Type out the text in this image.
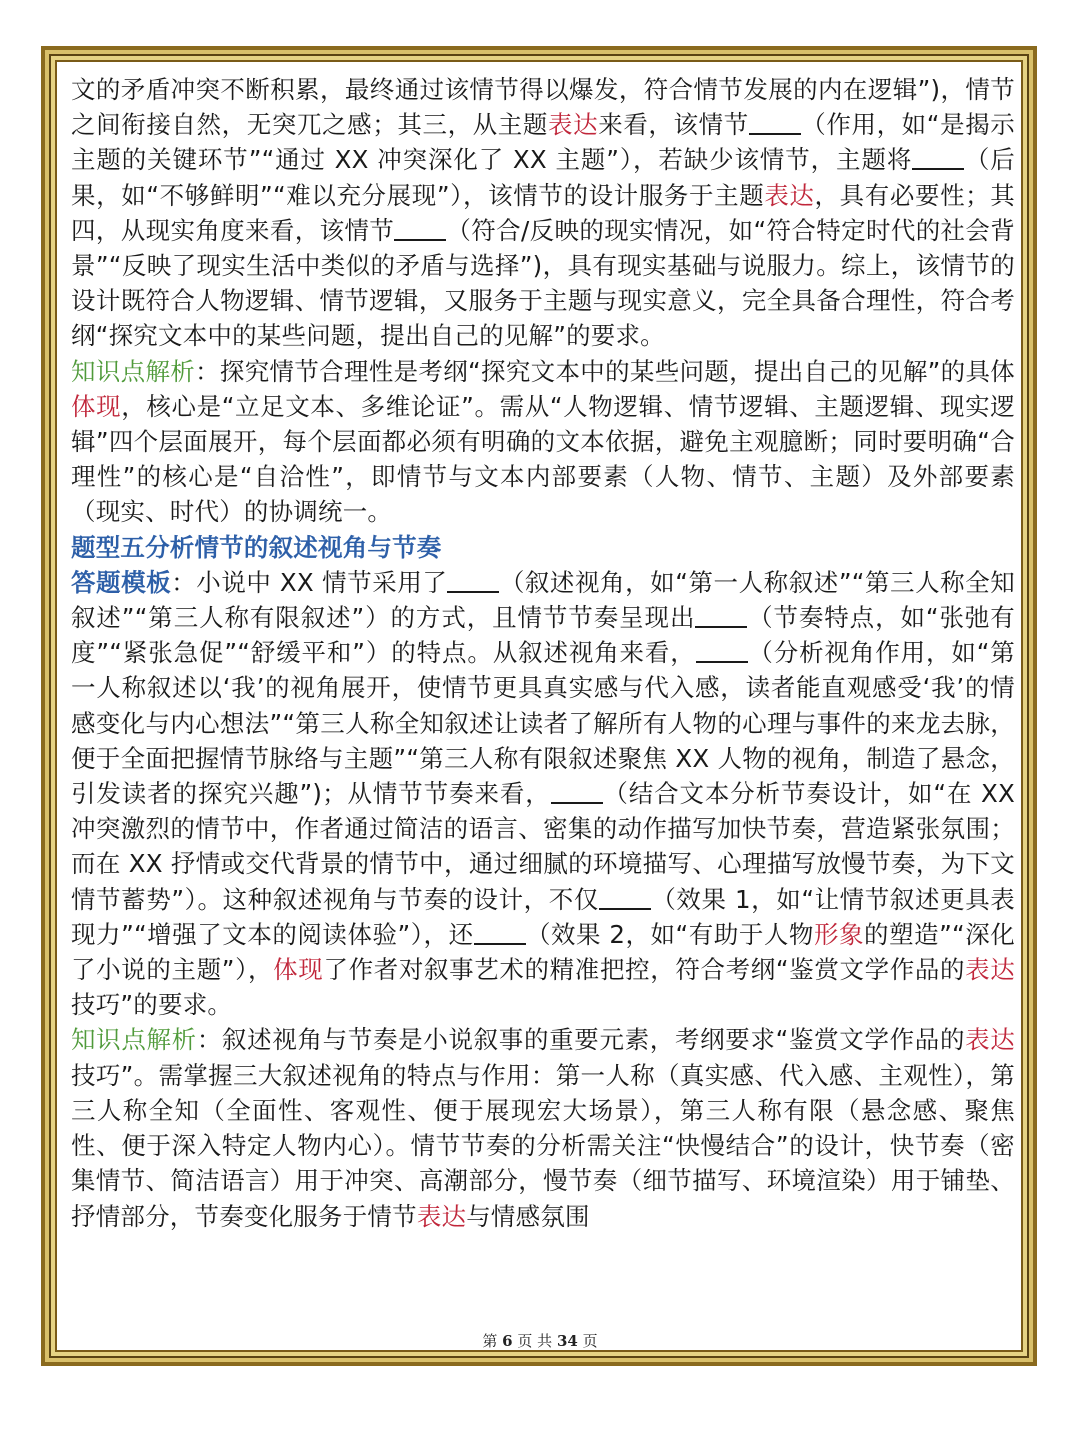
文的矛盾冲突不断积累，最终通过该情节得以爆发，符合情节发展的内在逻辑”)，情节之间衔接自然，无突兀之感；其三，从主题表达来看，该情节 （作用，如“是揭示主题的关键环节”“通过 XX 冲突深化了 XX 主题”），若缺少该情节，主题将 （后果，如“不够鲜明”“难以充分展现”），该情节的设计服务于主题表达，具有必要性；其四，从现实角度来看，该情节 （符合/反映的现实情况，如“符合特定时代的社会背景”“反映了现实生活中类似的矛盾与选择”)，具有现实基础与说服力。综上，该情节的设计既符合人物逻辑、情节逻辑，又服务于主题与现实意义，完全具备合理性，符合考纲“探究文本中的某些问题，提出自己的见解”的要求。

知识点解析：探究情节合理性是考纲“探究文本中的某些问题，提出自己的见解”的具体体现，核心是“立足文本、多维论证”。需从“人物逻辑、情节逻辑、主题逻辑、现实逻辑”四个层面展开，每个层面都必须有明确的文本依据，避免主观臆断；同时要明确“合理性”的核心是“自洽性”，即情节与文本内部要素（人物、情节、主题）及外部要素（现实、时代）的协调统一。

题型五分析情节的叙述视角与节奏

答题模板：小说中 XX 情节采用了 （叙述视角，如“第一人称叙述”“第三人称全知叙述”“第三人称有限叙述”）的方式，且情节节奏呈现出 （节奏特点，如“张弛有度”“紧张急促”“舒缓平和”）的特点。从叙述视角来看， （分析视角作用，如“第一人称叙述以‘我’的视角展开，使情节更具真实感与代入感，读者能直观感受‘我’的情感变化与内心想法”“第三人称全知叙述让读者了解所有人物的心理与事件的来龙去脉，便于全面把握情节脉络与主题”“第三人称有限叙述聚焦 XX 人物的视角，制造了悬念，引发读者的探究兴趣”)；从情节节奏来看， （结合文本分析节奏设计，如“在 XX 冲突激烈的情节中，作者通过简洁的语言、密集的动作描写加快节奏，营造紧张氛围；而在 XX 抒情或交代背景的情节中，通过细腻的环境描写、心理描写放慢节奏，为下文情节蓄势”）。这种叙述视角与节奏的设计，不仅 （效果 1，如“让情节叙述更具表现力”“增强了文本的阅读体验”），还 （效果 2，如“有助于人物形象的塑造”“深化了小说的主题”），体现了作者对叙事艺术的精准把控，符合考纲“鉴赏文学作品的表达技巧”的要求。

知识点解析：叙述视角与节奏是小说叙事的重要元素，考纲要求“鉴赏文学作品的表达技巧”。需掌握三大叙述视角的特点与作用：第一人称（真实感、代入感、主观性），第三人称全知（全面性、客观性、便于展现宏大场景），第三人称有限（悬念感、聚焦性、便于深入特定人物内心）。情节节奏的分析需关注“快慢结合”的设计，快节奏（密集情节、简洁语言）用于冲突、高潮部分，慢节奏（细节描写、环境渲染）用于铺垫、抒情部分，节奏变化服务于情节表达与情感氛围

第 6 页 共 34 页
